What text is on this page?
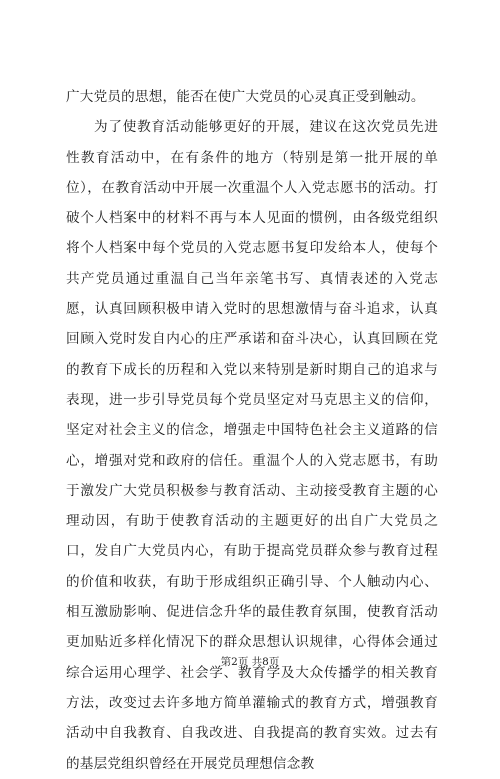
广大党员的思想，能否在使广大党员的心灵真正受到触动。

为了使教育活动能够更好的开展，建议在这次党员先进性教育活动中，在有条件的地方（特别是第一批开展的单位），在教育活动中开展一次重温个人入党志愿书的活动。打破个人档案中的材料不再与本人见面的惯例，由各级党组织将个人档案中每个党员的入党志愿书复印发给本人，使每个共产党员通过重温自己当年亲笔书写、真情表述的入党志愿，认真回顾积极申请入党时的思想激情与奋斗追求，认真回顾入党时发自内心的庄严承诺和奋斗决心，认真回顾在党的教育下成长的历程和入党以来特别是新时期自己的追求与表现，进一步引导党员每个党员坚定对马克思主义的信仰，坚定对社会主义的信念，增强走中国特色社会主义道路的信心，增强对党和政府的信任。重温个人的入党志愿书，有助于激发广大党员积极参与教育活动、主动接受教育主题的心理动因，有助于使教育活动的主题更好的出自广大党员之口，发自广大党员内心，有助于提高党员群众参与教育过程的价值和收获，有助于形成组织正确引导、个人触动内心、相互激励影响、促进信念升华的最佳教育氛围，使教育活动更加贴近多样化情况下的群众思想认识规律，心得体会通过综合运用心理学、社会学、教育学及大众传播学的相关教育方法，改变过去许多地方简单灌输式的教育方式，增强教育活动中自我教育、自我改进、自我提高的教育实效。过去有的基层党组织曾经在开展党员理想信念教

第2页 共8页
